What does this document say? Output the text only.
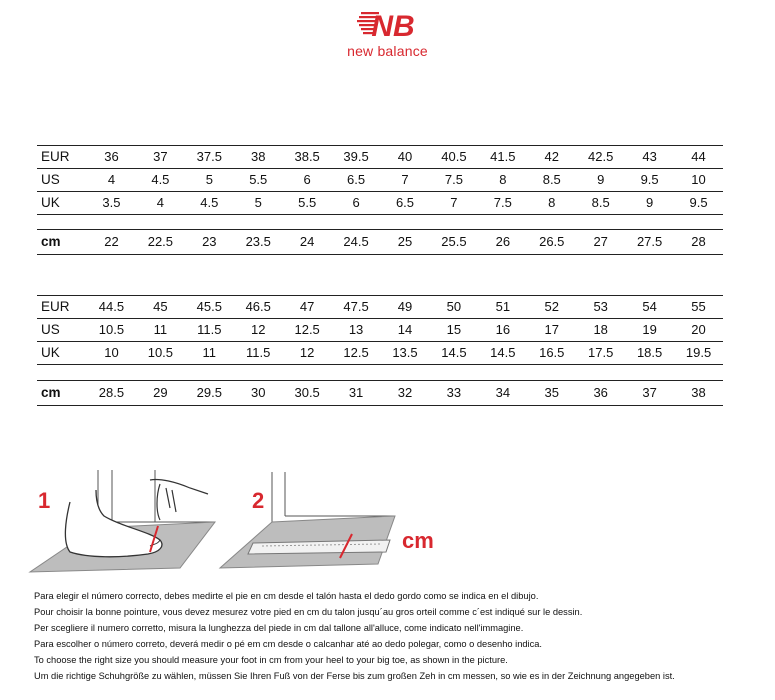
NB
new balance
EUR	36	37	37.5	38	38.5	39.5	40	40.5	41.5	42	42.5	43	44
US	4	4.5	5	5.5	6	6.5	7	7.5	8	8.5	9	9.5	10
UK	3.5	4	4.5	5	5.5	6	6.5	7	7.5	8	8.5	9	9.5
cm	22	22.5	23	23.5	24	24.5	25	25.5	26	26.5	27	27.5	28
EUR	44.5	45	45.5	46.5	47	47.5	49	50	51	52	53	54	55
US	10.5	11	11.5	12	12.5	13	14	15	16	17	18	19	20
UK	10	10.5	11	11.5	12	12.5	13.5	14.5	14.5	16.5	17.5	18.5	19.5
cm	28.5	29	29.5	30	30.5	31	32	33	34	35	36	37	38
1	2
cm
Para elegir el número correcto, debes medirte el pie en cm desde el talón hasta el dedo gordo como se indica en el dibujo.
Pour choisir la bonne pointure, vous devez mesurez votre pied en cm du talon jusqu´au gros orteil comme c´est indiqué sur le dessin.
Per scegliere il numero corretto, misura la lunghezza del piede in cm dal tallone all'alluce, come indicato nell'immagine.
Para escolher o número correto, deverá medir o pé em cm desde o calcanhar até ao dedo polegar, como o desenho indica.
To choose the right size you should measure your foot in cm from your heel to your big toe, as shown in the picture.
Um die richtige Schuhgröße zu wählen, müssen Sie Ihren Fuß von der Ferse bis zum großen Zeh in cm messen, so wie es in der Zeichnung angegeben ist.
